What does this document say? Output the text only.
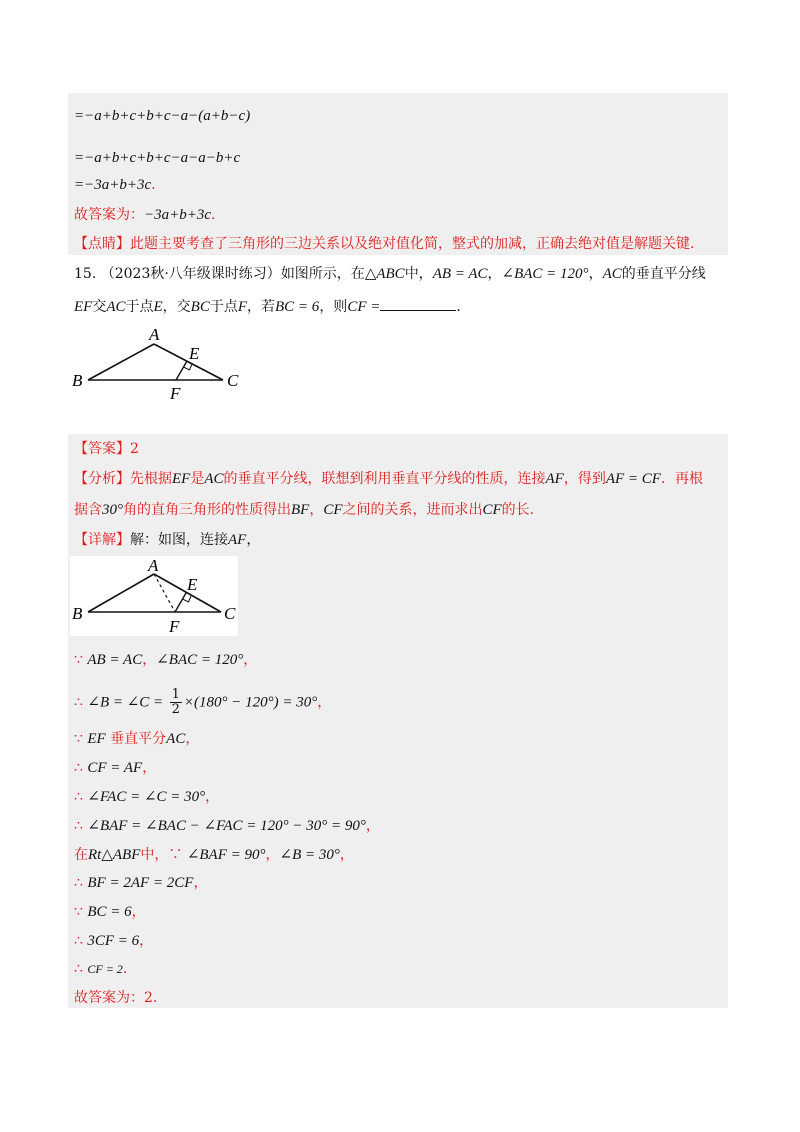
=−a+b+c+b+c−a−(a+b−c)
=−a+b+c+b+c−a−a−b+c
=−3a+b+3c.
故答案为：−3a+b+3c.
【点睛】此题主要考查了三角形的三边关系以及绝对值化简，整式的加减，正确去绝对值是解题关键.
15. （2023秋·八年级课时练习）如图所示，在△ABC中，AB = AC，∠BAC = 120°，AC的垂直平分线
EF交AC于点E，交BC于点F，若BC = 6，则CF =	.
A
B	C
E
F
【答案】2
【分析】先根据EF是AC的垂直平分线，联想到利用垂直平分线的性质，连接AF，得到AF = CF．再根
据含30°角的直角三角形的性质得出BF，CF之间的关系，进而求出CF的长.
【详解】解：如图，连接AF，
A
B	C
E
F
∵ AB = AC，∠BAC = 120°，
∴ ∠B = ∠C = $\frac{1}{2} \times(180^\circ - 120^\circ) = 30^\circ$，
∵ EF 垂直平分AC，
∴ CF = AF，
∴ ∠FAC = ∠C = 30°，
∴ ∠BAF = ∠BAC − ∠FAC = 120° − 30° = 90°，
在Rt△ABF中，∵ ∠BAF = 90°，∠B = 30°，
∴ BF = 2AF = 2CF，
∵ BC = 6，
∴ 3CF = 6，
∴ CF = 2.
故答案为：2.
